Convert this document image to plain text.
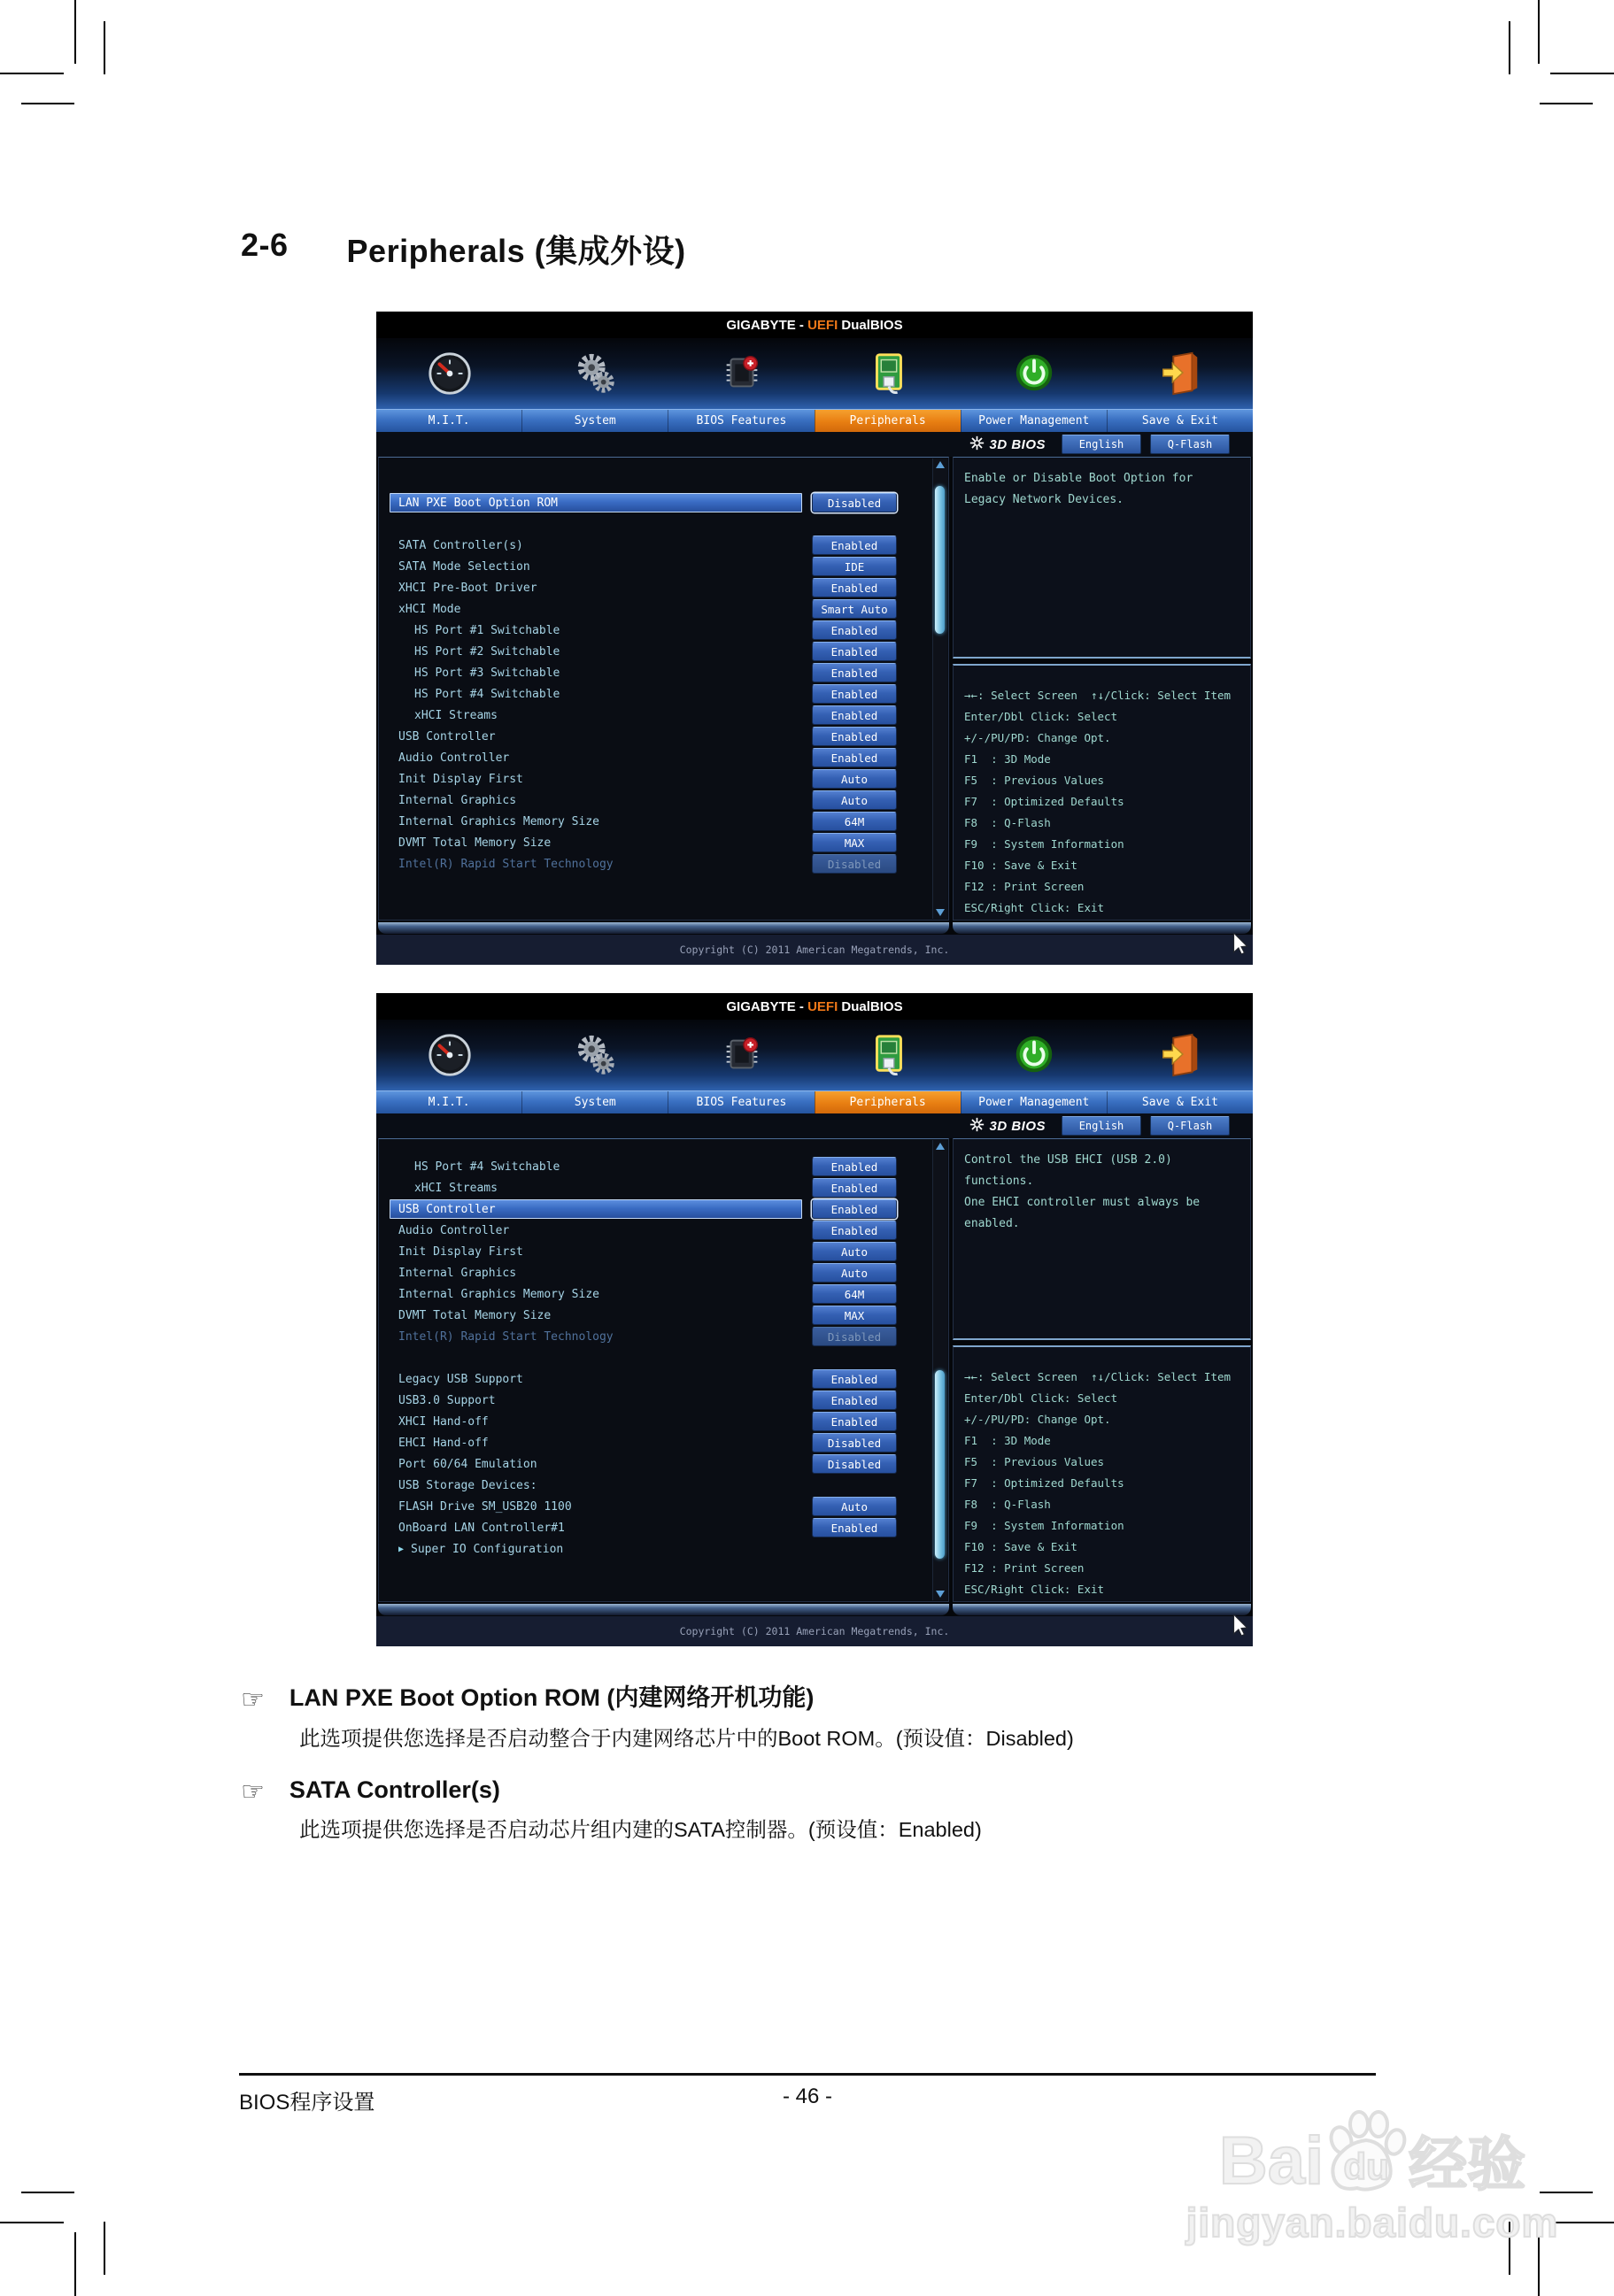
2-6 Peripherals (集成外设)
GIGABYTE - UEFI DualBIOS
M.I.T.	System	BIOS Features	Peripherals	Power Management	Save & Exit
3D BIOS	English	Q-Flash
LAN PXE Boot Option ROM	Disabled
SATA Controller(s)	Enabled
SATA Mode Selection	IDE
XHCI Pre-Boot Driver	Enabled
xHCI Mode	Smart Auto
HS Port #1 Switchable	Enabled
HS Port #2 Switchable	Enabled
HS Port #3 Switchable	Enabled
HS Port #4 Switchable	Enabled
xHCI Streams	Enabled
USB Controller	Enabled
Audio Controller	Enabled
Init Display First	Auto
Internal Graphics	Auto
Internal Graphics Memory Size	64M
DVMT Total Memory Size	MAX
Intel(R) Rapid Start Technology	Disabled
Enable or Disable Boot Option for
Legacy Network Devices.
→←: Select Screen  ↑↓/Click: Select Item
Enter/Dbl Click: Select
+/-/PU/PD: Change Opt.
F1  : 3D Mode
F5  : Previous Values
F7  : Optimized Defaults
F8  : Q-Flash
F9  : System Information
F10 : Save & Exit
F12 : Print Screen
ESC/Right Click: Exit
Copyright (C) 2011 American Megatrends, Inc.
GIGABYTE - UEFI DualBIOS
M.I.T.	System	BIOS Features	Peripherals	Power Management	Save & Exit
3D BIOS	English	Q-Flash
HS Port #4 Switchable	Enabled
xHCI Streams	Enabled
USB Controller	Enabled
Audio Controller	Enabled
Init Display First	Auto
Internal Graphics	Auto
Internal Graphics Memory Size	64M
DVMT Total Memory Size	MAX
Intel(R) Rapid Start Technology	Disabled
Legacy USB Support	Enabled
USB3.0 Support	Enabled
XHCI Hand-off	Enabled
EHCI Hand-off	Disabled
Port 60/64 Emulation	Disabled
USB Storage Devices:
FLASH Drive SM_USB20 1100	Auto
OnBoard LAN Controller#1	Enabled
▶ Super IO Configuration
Control the USB EHCI (USB 2.0)
functions.
One EHCI controller must always be
enabled.
→←: Select Screen  ↑↓/Click: Select Item
Enter/Dbl Click: Select
+/-/PU/PD: Change Opt.
F1  : 3D Mode
F5  : Previous Values
F7  : Optimized Defaults
F8  : Q-Flash
F9  : System Information
F10 : Save & Exit
F12 : Print Screen
ESC/Right Click: Exit
Copyright (C) 2011 American Megatrends, Inc.
☞ LAN PXE Boot Option ROM (内建网络开机功能)
此选项提供您选择是否启动整合于内建网络芯片中的Boot ROM。(预设值：Disabled)
☞ SATA Controller(s)
此选项提供您选择是否启动芯片组内建的SATA控制器。(预设值：Enabled)
BIOS程序设置	- 46 -
Bai du 经验
jingyan.baidu.com
